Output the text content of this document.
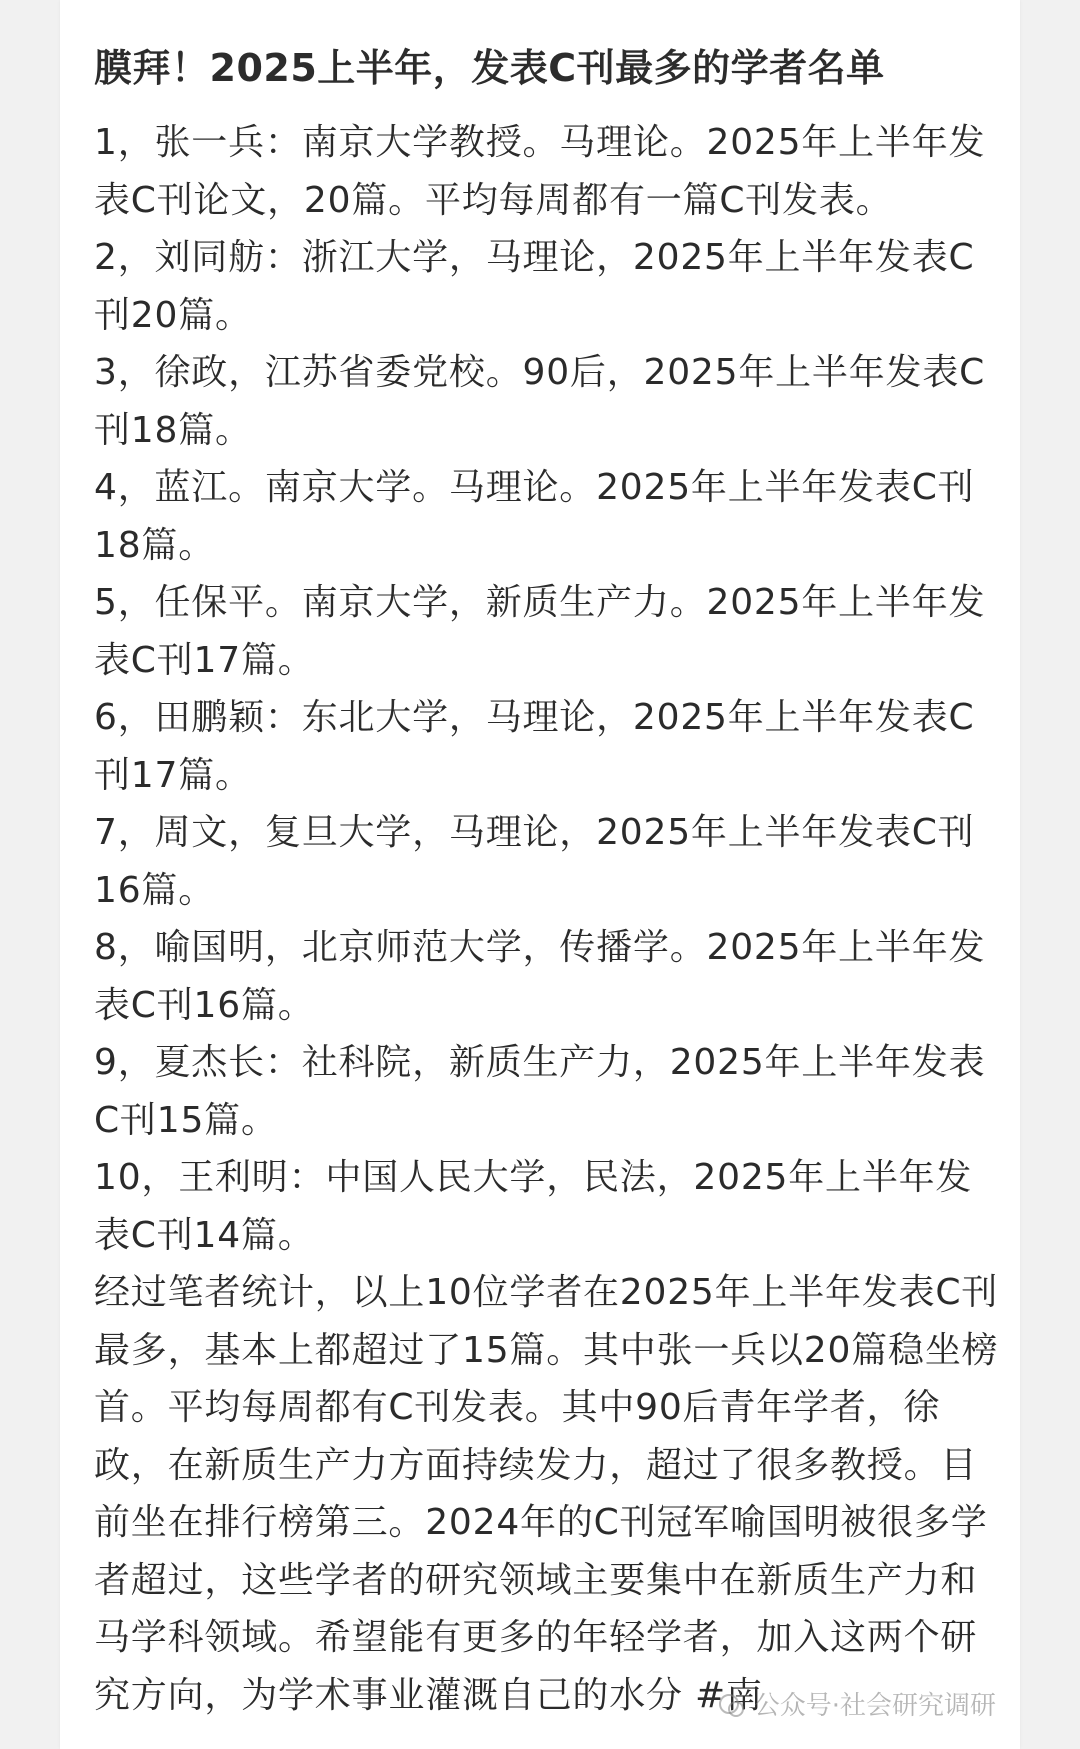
膜拜！2025上半年，发表C刊最多的学者名单
1，张一兵：南京大学教授。马理论。2025年上半年发表C刊论文，20篇。平均每周都有一篇C刊发表。
2，刘同舫：浙江大学，马理论，2025年上半年发表C刊20篇。
3，徐政，江苏省委党校。90后，2025年上半年发表C刊18篇。
4，蓝江。南京大学。马理论。2025年上半年发表C刊18篇。
5，任保平。南京大学，新质生产力。2025年上半年发表C刊17篇。
6，田鹏颖：东北大学，马理论，2025年上半年发表C刊17篇。
7，周文，复旦大学，马理论，2025年上半年发表C刊16篇。
8，喻国明，北京师范大学，传播学。2025年上半年发表C刊16篇。
9，夏杰长：社科院，新质生产力，2025年上半年发表C刊15篇。
10，王利明：中国人民大学，民法，2025年上半年发表C刊14篇。

经过笔者统计，以上10位学者在2025年上半年发表C刊最多，基本上都超过了15篇。其中张一兵以20篇稳坐榜首。平均每周都有C刊发表。其中90后青年学者，徐政，在新质生产力方面持续发力，超过了很多教授。目前坐在排行榜第三。2024年的C刊冠军喻国明被很多学者超过，这些学者的研究领域主要集中在新质生产力和马学科领域。希望能有更多的年轻学者，加入这两个研究方向，为学术事业灌溉自己的水分 #南

公众号·社会研究调研
